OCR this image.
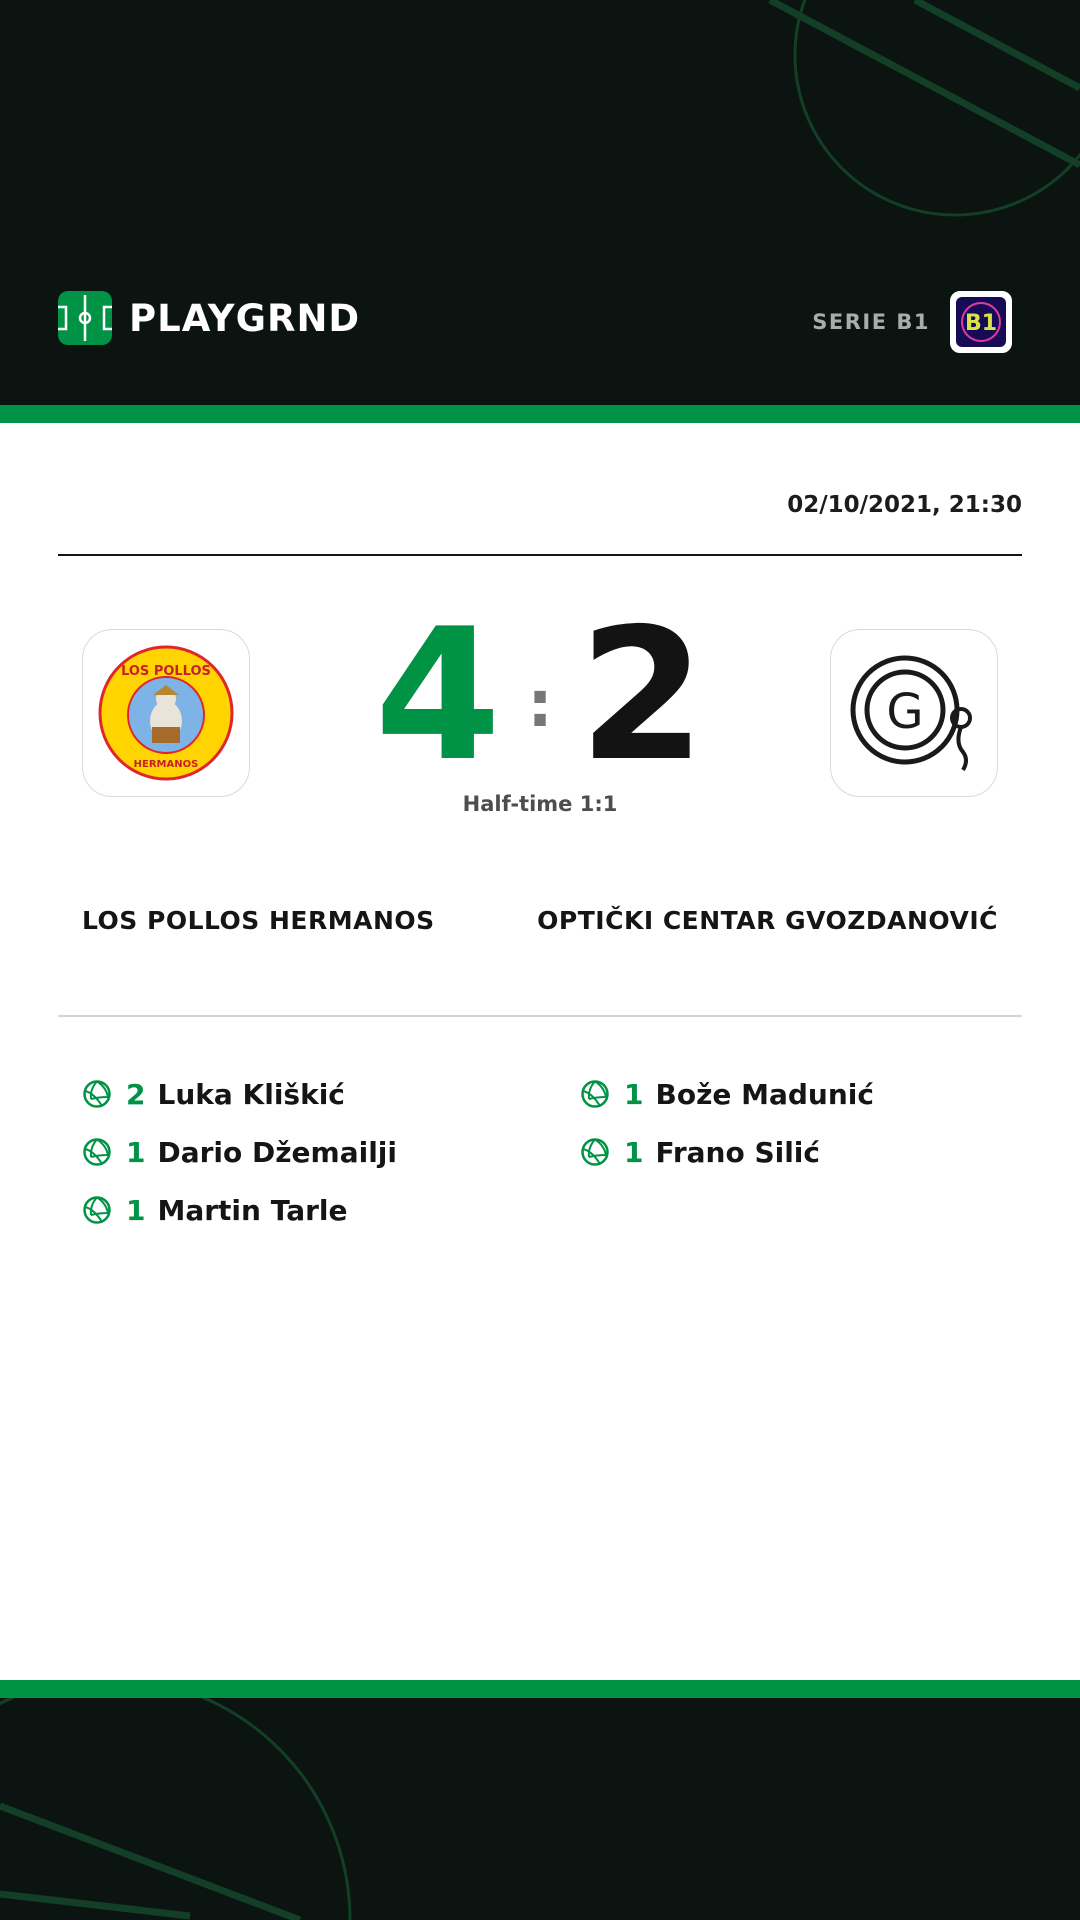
PLAYGRND	SERIE B1 B1
02/10/2021, 21:30
LOS POLLOS
HERMANOS
G
4 : 2
Half-time 1:1
LOS POLLOS HERMANOS	OPTIČKI CENTAR GVOZDANOVIĆ
2 Luka Kliškić
1 Dario Džemailji
1 Martin Tarle
1 Bože Madunić
1 Frano Silić
